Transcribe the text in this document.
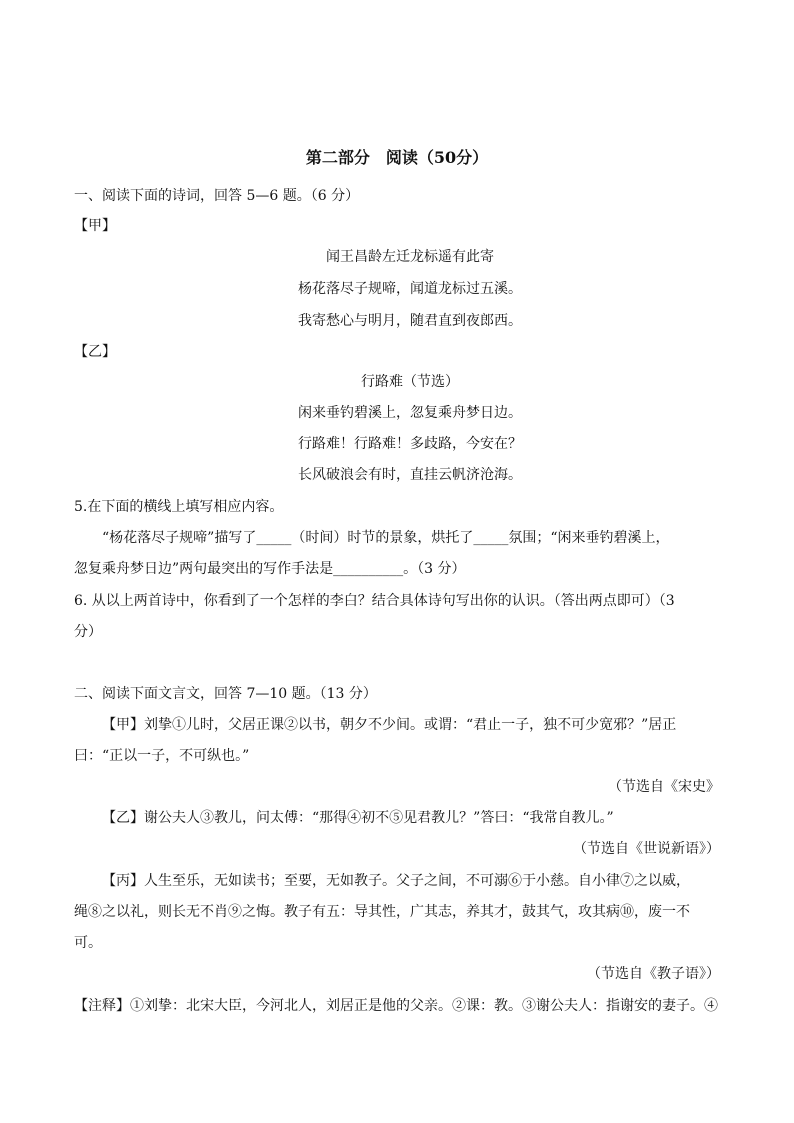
第二部分　阅读（50分）
一、阅读下面的诗词，回答 5—6 题。（6 分）
【甲】
闻王昌龄左迁龙标遥有此寄
杨花落尽子规啼，闻道龙标过五溪。
我寄愁心与明月，随君直到夜郎西。
【乙】
行路难（节选）
闲来垂钓碧溪上，忽复乘舟梦日边。
行路难！行路难！多歧路，今安在？
长风破浪会有时，直挂云帆济沧海。
5.在下面的横线上填写相应内容。
“杨花落尽子规啼”描写了_____（时间）时节的景象，烘托了_____氛围；“闲来垂钓碧溪上，
忽复乘舟梦日边”两句最突出的写作手法是__________。（3 分）
6. 从以上两首诗中，你看到了一个怎样的李白？结合具体诗句写出你的认识。（答出两点即可）（3
分）
二、阅读下面文言文，回答 7—10 题。（13 分）
【甲】刘挚①儿时，父居正课②以书，朝夕不少间。或谓：“君止一子，独不可少宽邪？”居正
曰：“正以一子，不可纵也。”
（节选自《宋史》
【乙】谢公夫人③教儿，问太傅：“那得④初不⑤见君教儿？”答曰：“我常自教儿。”
（节选自《世说新语》）
【丙】人生至乐，无如读书；至要，无如教子。父子之间，不可溺⑥于小慈。自小律⑦之以威，
绳⑧之以礼，则长无不肖⑨之悔。教子有五：导其性，广其志，养其才，鼓其气，攻其病⑩，废一不
可。
（节选自《教子语》）
【注释】①刘挚：北宋大臣，今河北人，刘居正是他的父亲。②课：教。③谢公夫人：指谢安的妻子。④
